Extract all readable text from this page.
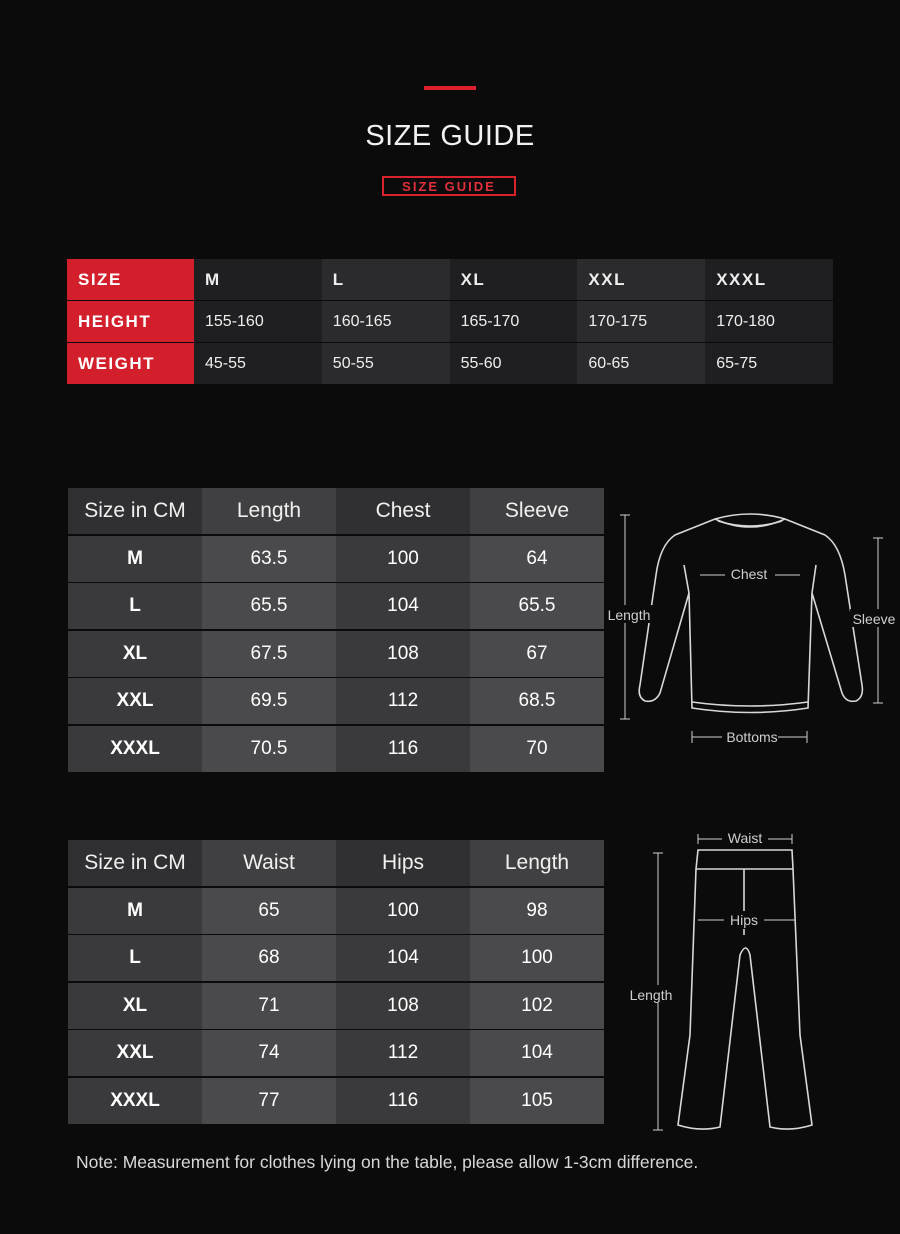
SIZE GUIDE
SIZE GUIDE
SIZE	M	L	XL	XXL	XXXL
HEIGHT	155-160	160-165	165-170	170-175	170-180
WEIGHT	45-55	50-55	55-60	60-65	65-75
Size in CM	Length	Chest	Sleeve
M	63.5	100	64
L	65.5	104	65.5
XL	67.5	108	67
XXL	69.5	112	68.5
XXXL	70.5	116	70
Size in CM	Waist	Hips	Length
M	65	100	98
L	68	104	100
XL	71	108	102
XXL	74	112	104
XXXL	77	116	105
Chest
Length	Sleeve
Bottoms
Waist
Hips
Length
Note: Measurement for clothes lying on the table, please allow 1-3cm difference.
